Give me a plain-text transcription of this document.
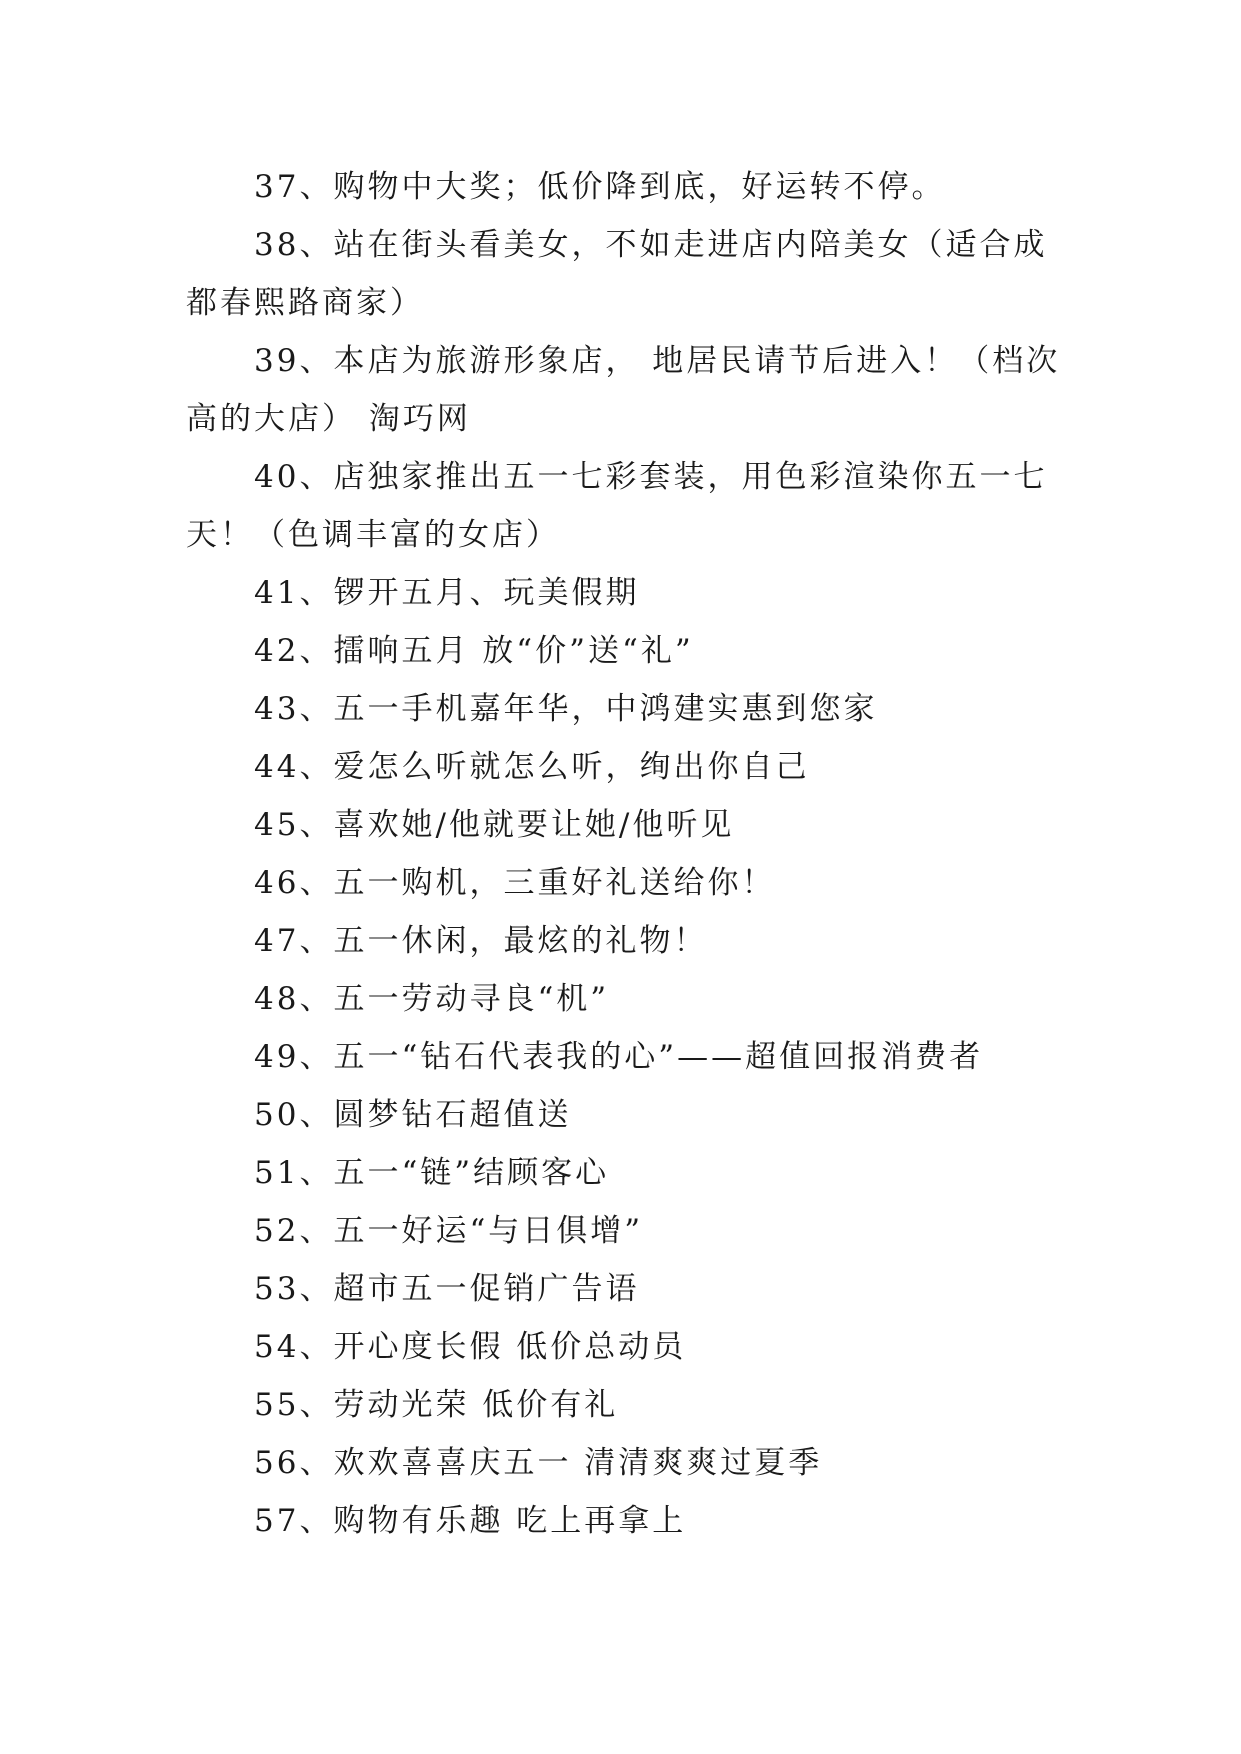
37、购物中大奖；低价降到底，好运转不停。

38、站在街头看美女，不如走进店内陪美女（适合成都春熙路商家）

39、本店为旅游形象店， 地居民请节后进入！（档次高的大店） 淘巧网

40、店独家推出五一七彩套装，用色彩渲染你五一七天！（色调丰富的女店）

41、锣开五月、玩美假期

42、擂响五月 放“价”送“礼”

43、五一手机嘉年华，中鸿建实惠到您家

44、爱怎么听就怎么听，绚出你自己

45、喜欢她/他就要让她/他听见

46、五一购机，三重好礼送给你！

47、五一休闲，最炫的礼物！

48、五一劳动寻良“机”

49、五一“钻石代表我的心”——超值回报消费者

50、圆梦钻石超值送

51、五一“链”结顾客心

52、五一好运“与日俱增”

53、超市五一促销广告语

54、开心度长假 低价总动员

55、劳动光荣 低价有礼

56、欢欢喜喜庆五一 清清爽爽过夏季

57、购物有乐趣 吃上再拿上
